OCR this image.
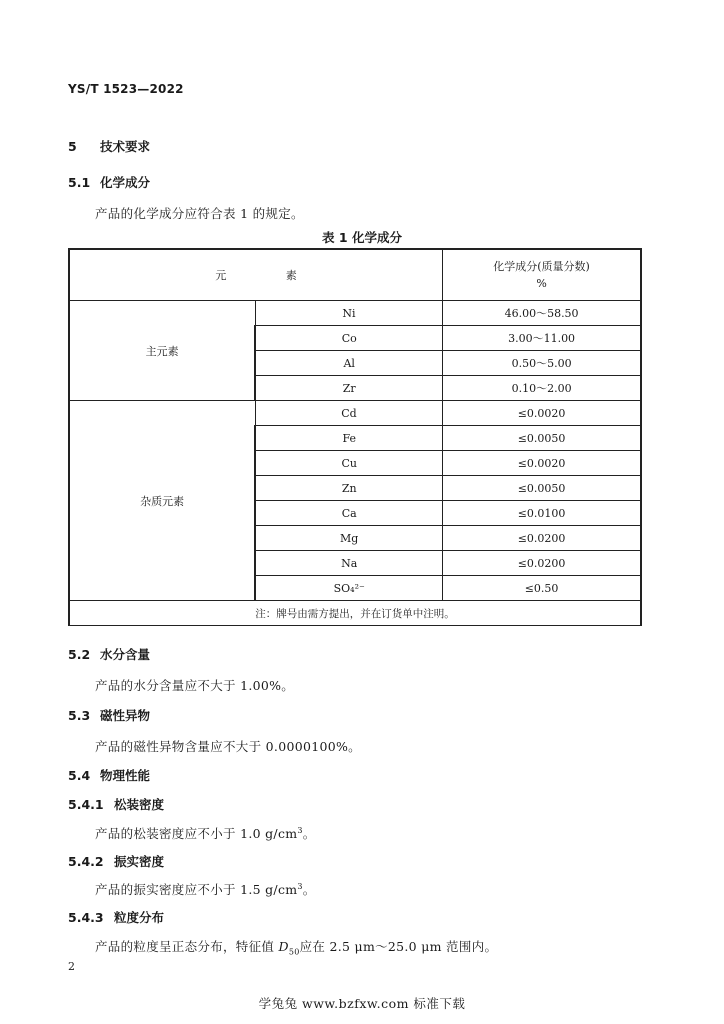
YS/T 1523—2022
5 技术要求
5.1 化学成分
产品的化学成分应符合表 1 的规定。
表 1 化学成分
元 素		化学成分(质量分数)
%

主元素	Ni	46.00～58.50
	Co	3.00～11.00
	Al	0.50～5.00
	Zr	0.10～2.00
杂质元素	Cd	≤0.0020
	Fe	≤0.0050
	Cu	≤0.0020
	Zn	≤0.0050
	Ca	≤0.0100
	Mg	≤0.0200
	Na	≤0.0200
	SO₄²⁻	≤0.50
注：牌号由需方提出，并在订货单中注明。		
5.2 水分含量
产品的水分含量应不大于 1.00%。
5.3 磁性异物
产品的磁性异物含量应不大于 0.0000100%。
5.4 物理性能
5.4.1 松装密度
产品的松装密度应不小于 1.0 $g/cm^3$。
5.4.2 振实密度
产品的振实密度应不小于 1.5 $g/cm^3$。
5.4.3 粒度分布
产品的粒度呈正态分布，特征值 $D_{50}$应在 2.5 μm～25.0 μm 范围内。
2
学兔兔 www.bzfxw.com 标准下载
